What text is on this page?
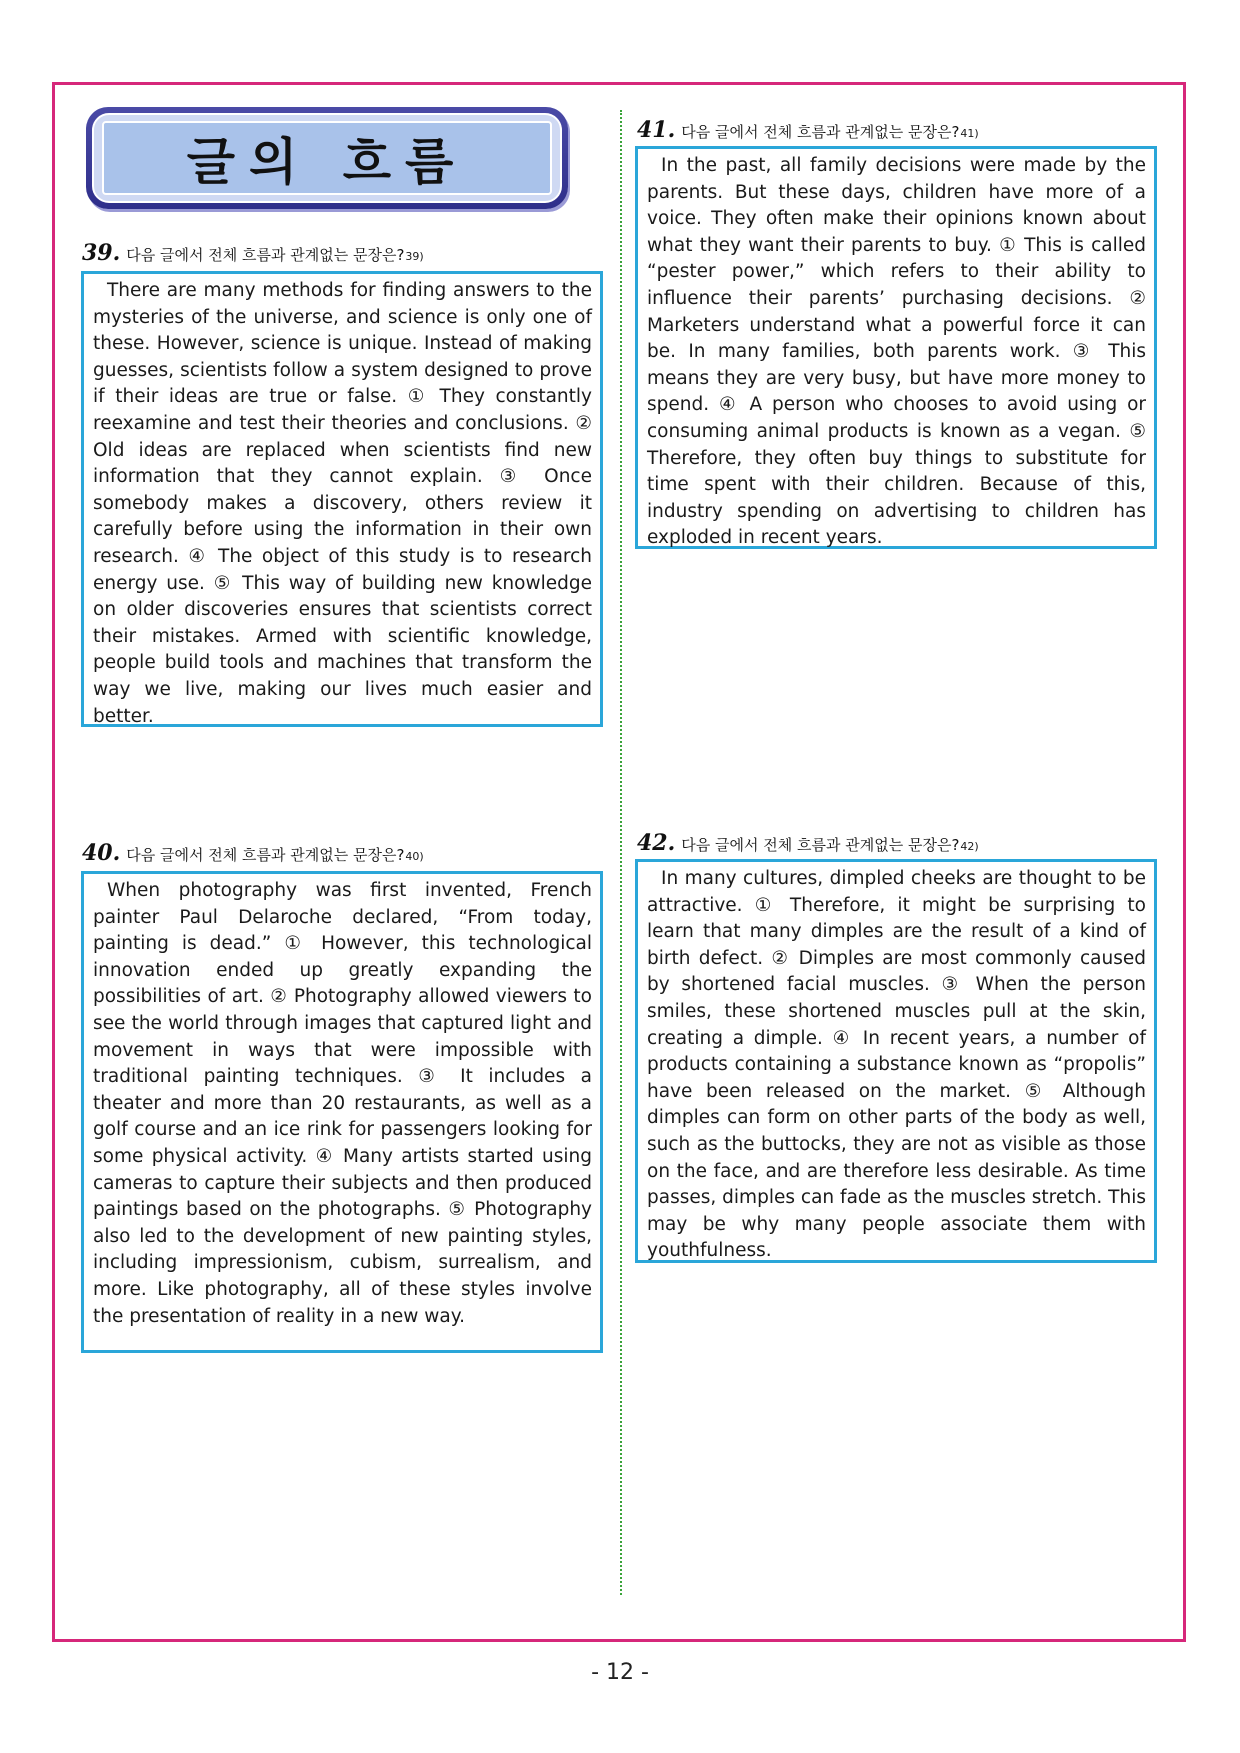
글의 흐름
39. 다음 글에서 전체 흐름과 관계없는 문장은? 39)

There are many methods for finding answers to the mysteries of the universe, and science is only one of these. However, science is unique. Instead of making guesses, scientists follow a system designed to prove if their ideas are true or false. ① They constantly reexamine and test their theories and conclusions. ② Old ideas are replaced when scientists find new information that they cannot explain. ③ Once somebody makes a discovery, others review it carefully before using the information in their own research. ④ The object of this study is to research energy use. ⑤ This way of building new knowledge on older discoveries ensures that scientists correct their mistakes. Armed with scientific knowledge, people build tools and machines that transform the way we live, making our lives much easier and better.

40. 다음 글에서 전체 흐름과 관계없는 문장은? 40)

When photography was first invented, French painter Paul Delaroche declared, “From today, painting is dead.” ① However, this technological innovation ended up greatly expanding the possibilities of art. ② Photography allowed viewers to see the world through images that captured light and movement in ways that were impossible with traditional painting techniques. ③ It includes a theater and more than 20 restaurants, as well as a golf course and an ice rink for passengers looking for some physical activity. ④ Many artists started using cameras to capture their subjects and then produced paintings based on the photographs. ⑤ Photography also led to the development of new painting styles, including impressionism, cubism, surrealism, and more. Like photography, all of these styles involve the presentation of reality in a new way.

41. 다음 글에서 전체 흐름과 관계없는 문장은? 41)

In the past, all family decisions were made by the parents. But these days, children have more of a voice. They often make their opinions known about what they want their parents to buy. ① This is called “pester power,” which refers to their ability to influence their parents’ purchasing decisions. ② Marketers understand what a powerful force it can be. In many families, both parents work. ③ This means they are very busy, but have more money to spend. ④ A person who chooses to avoid using or consuming animal products is known as a vegan. ⑤ Therefore, they often buy things to substitute for time spent with their children. Because of this, industry spending on advertising to children has exploded in recent years.

42. 다음 글에서 전체 흐름과 관계없는 문장은? 42)

In many cultures, dimpled cheeks are thought to be attractive. ① Therefore, it might be surprising to learn that many dimples are the result of a kind of birth defect. ② Dimples are most commonly caused by shortened facial muscles. ③ When the person smiles, these shortened muscles pull at the skin, creating a dimple. ④ In recent years, a number of products containing a substance known as “propolis” have been released on the market. ⑤ Although dimples can form on other parts of the body as well, such as the buttocks, they are not as visible as those on the face, and are therefore less desirable. As time passes, dimples can fade as the muscles stretch. This may be why many people associate them with youthfulness.

- 12 -
